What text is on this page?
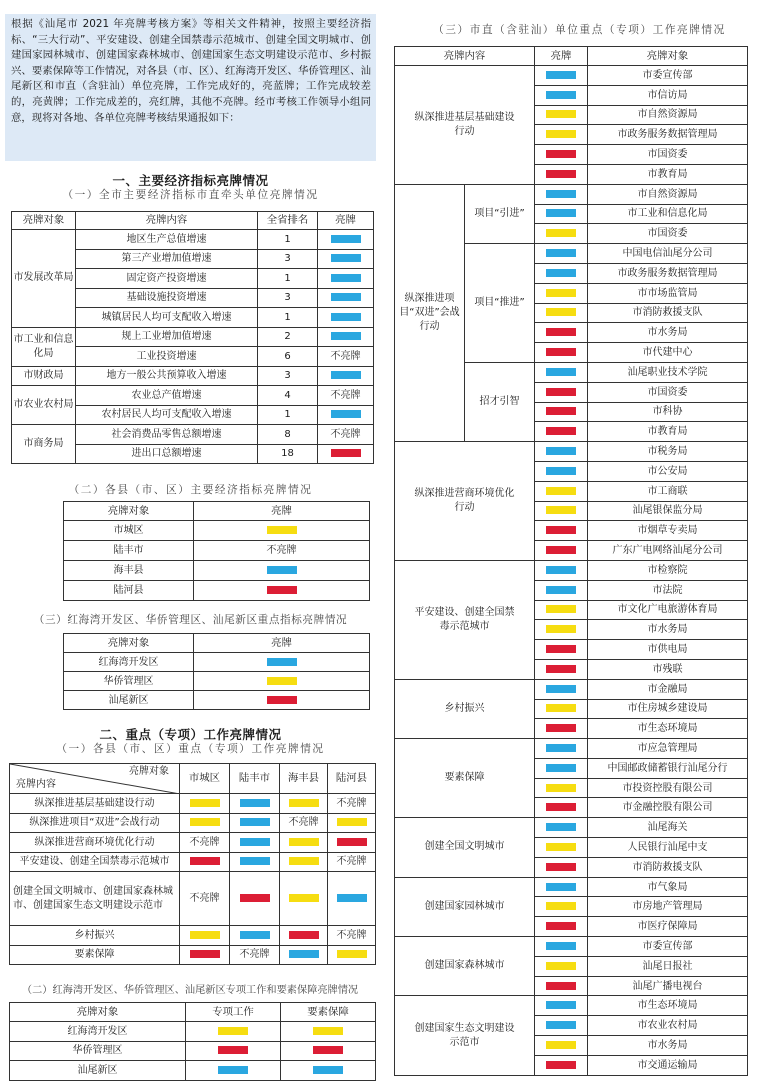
根据《汕尾市 2021 年亮牌考核方案》等相关文件精神，按照主要经济指标、“三大行动”、平安建设、创建全国禁毒示范城市、创建全国文明城市、创建国家园林城市、创建国家森林城市、创建国家生态文明建设示范市、乡村振兴、要素保障等工作情况，对各县（市、区）、红海湾开发区、华侨管理区、汕尾新区和市直（含驻汕）单位亮牌，工作完成好的，亮蓝牌；工作完成较差的，亮黄牌；工作完成差的，亮红牌，其他不亮牌。经市考核工作领导小组同意，现将对各地、各单位亮牌考核结果通报如下：
一、主要经济指标亮牌情况
（一）全市主要经济指标市直牵头单位亮牌情况
亮牌对象	亮牌内容	全省排名	亮牌
市发展改革局	地区生产总值增速	1	
	第三产业增加值增速	3	
	固定资产投资增速	1	
	基础设施投资增速	3	
	城镇居民人均可支配收入增速	1	
市工业和信息化局	规上工业增加值增速	2	
	工业投资增速	6	不亮牌
市财政局	地方一般公共预算收入增速	3	
市农业农村局	农业总产值增速	4	不亮牌
	农村居民人均可支配收入增速	1	
市商务局	社会消费品零售总额增速	8	不亮牌
	进出口总额增速	18	
（二）各县（市、区）主要经济指标亮牌情况
亮牌对象	亮牌
市城区	
陆丰市	不亮牌
海丰县	
陆河县	
（三）红海湾开发区、华侨管理区、汕尾新区重点指标亮牌情况
亮牌对象	亮牌
红海湾开发区	
华侨管理区	
汕尾新区	
二、重点（专项）工作亮牌情况
（一）各县（市、区）重点（专项）工作亮牌情况
亮牌对象
亮牌内容	市城区	陆丰市	海丰县	陆河县
纵深推进基层基础建设行动				不亮牌
纵深推进项目“双进”会战行动			不亮牌	
纵深推进营商环境优化行动	不亮牌			
平安建设、创建全国禁毒示范城市				不亮牌
创建全国文明城市、创建国家森林城市、创建国家生态文明建设示范市	不亮牌			
乡村振兴				不亮牌
要素保障		不亮牌		
（二）红海湾开发区、华侨管理区、汕尾新区专项工作和要素保障亮牌情况
亮牌对象	专项工作	要素保障
红海湾开发区		
华侨管理区		
汕尾新区		
（三）市直（含驻汕）单位重点（专项）工作亮牌情况
亮牌内容		亮牌	亮牌对象
纵深推进基层基础建设行动			市委宣传部
			市信访局
			市自然资源局
			市政务服务数据管理局
			市国资委
			市教育局
纵深推进项目“双进”会战行动	项目“引进”		市自然资源局
			市工业和信息化局
			市国资委
	项目“推进”		中国电信汕尾分公司
			市政务服务数据管理局
			市市场监管局
			市消防救援支队
			市水务局
			市代建中心
	招才引智		汕尾职业技术学院
			市国资委
			市科协
			市教育局
纵深推进营商环境优化行动			市税务局
			市公安局
			市工商联
			汕尾银保监分局
			市烟草专卖局
			广东广电网络汕尾分公司
平安建设、创建全国禁毒示范城市			市检察院
			市法院
			市文化广电旅游体育局
			市水务局
			市供电局
			市残联
乡村振兴			市金融局
			市住房城乡建设局
			市生态环境局
要素保障			市应急管理局
			中国邮政储蓄银行汕尾分行
			市投资控股有限公司
			市金融控股有限公司
创建全国文明城市			汕尾海关
			人民银行汕尾中支
			市消防救援支队
创建国家园林城市			市气象局
			市房地产管理局
			市医疗保障局
创建国家森林城市			市委宣传部
			汕尾日报社
			汕尾广播电视台
创建国家生态文明建设示范市			市生态环境局
			市农业农村局
			市水务局
			市交通运输局
